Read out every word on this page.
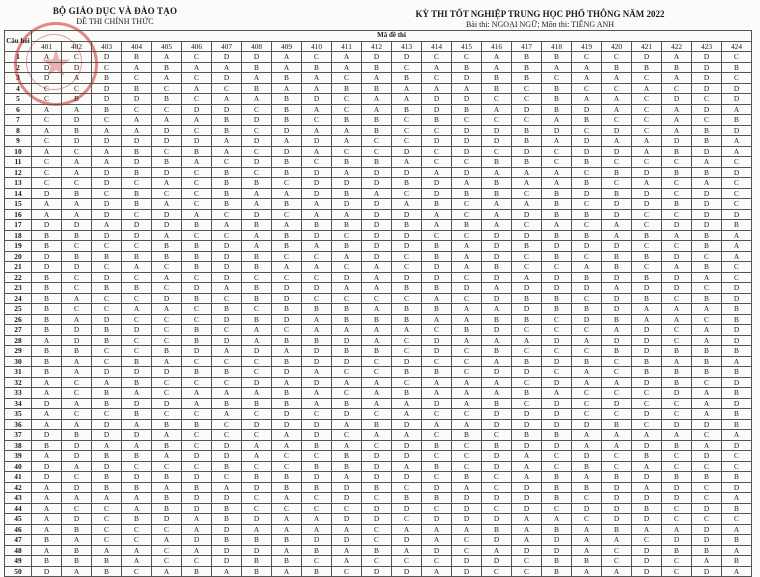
BỘ GIÁO DỤC VÀ ĐÀO TẠO
ĐỀ THI CHÍNH THỨC
KỲ THI TỐT NGHIỆP TRUNG HỌC PHỔ THÔNG NĂM 2022
Bài thi: NGOẠI NGỮ; Môn thi: TIẾNG ANH
Câu hỏi	Mã đề thi																							
	401	402	403	404	405	406	407	408	409	410	411	412	413	414	415	416	417	418	419	420	421	422	423	424
1	A	C	D	B	A	C	D	D	A	C	A	D	D	C	C	A	B	B	C	C	D	A	D	C
2	D	D	C	A	B	A	A	B	A	B	A	B	C	A	B	A	B	A	A	B	B	B	D	B
3	D	A	B	C	A	C	D	A	B	A	C	A	B	C	D	B	B	C	A	A	C	A	D	C
4	C	C	D	B	C	A	C	B	A	A	B	B	A	A	A	B	C	B	C	C	A	C	D	D
5	C	B	D	D	B	C	A	A	B	D	C	A	A	D	D	C	C	B	A	A	C	D	C	D
6	A	A	B	C	C	D	D	C	B	A	C	A	B	D	B	A	D	B	D	A	C	A	D	A
7	C	D	C	A	A	A	B	D	B	C	B	B	C	B	C	C	C	A	B	C	C	A	C	B
8	A	B	A	A	D	C	B	C	D	A	A	B	C	C	D	D	B	D	C	D	C	A	B	D
9	C	D	D	D	D	D	A	D	A	D	A	C	C	D	D	D	B	A	D	A	A	D	B	A
10	A	C	A	B	C	B	A	C	D	A	C	C	D	C	D	C	D	C	D	D	A	B	D	A
11	C	A	A	D	B	A	C	D	B	C	B	B	A	C	C	B	B	C	B	C	C	C	A	C
12	C	A	D	B	D	C	B	C	B	D	A	D	D	A	D	A	A	A	C	B	D	B	B	D
13	C	C	D	C	A	C	B	B	C	D	D	D	B	D	A	B	A	A	B	C	A	C	A	C
14	D	B	C	B	C	C	B	A	A	D	B	A	C	D	B	B	C	B	D	B	D	C	D	C
15	A	A	D	B	A	C	B	A	B	A	D	D	A	B	C	A	A	B	C	D	D	B	D	C
16	A	A	D	C	D	A	C	D	C	A	A	D	D	A	C	A	D	B	B	D	C	C	D	D
17	D	D	A	D	D	B	A	B	A	B	B	D	B	A	B	A	C	A	C	A	C	D	D	B
18	B	B	D	D	A	C	C	A	B	D	C	D	D	C	C	D	D	B	B	A	B	A	B	A
19	B	C	C	C	B	B	D	A	B	A	B	D	D	B	A	D	B	D	D	D	C	C	B	A
20	D	B	B	B	B	B	D	B	C	C	A	D	C	B	A	D	C	B	C	B	B	D	C	A
21	D	D	C	A	C	B	D	B	A	A	C	A	C	D	A	B	C	C	A	B	C	A	B	C
22	B	C	D	C	A	C	D	C	C	C	D	A	D	D	C	D	A	D	B	D	B	D	A	C
23	B	C	B	B	C	D	A	B	D	D	A	A	B	B	D	A	D	D	D	A	D	D	C	D
24	B	A	C	C	D	B	C	B	D	C	C	C	C	A	C	D	B	B	C	D	B	C	B	D
25	B	C	C	A	A	C	B	C	B	B	B	A	B	B	A	A	D	B	B	D	A	A	A	B
26	B	A	D	C	C	C	D	B	D	A	B	B	B	A	A	B	B	C	D	B	A	A	C	B
27	B	D	B	D	C	B	C	A	C	A	A	A	A	C	B	D	C	C	C	A	D	C	A	D
28	A	D	B	C	C	B	D	A	B	B	D	A	C	D	A	A	A	D	A	D	D	C	A	D
29	B	B	C	C	B	D	A	D	A	D	B	B	C	D	C	B	C	C	C	B	D	B	B	B
30	B	A	C	B	A	C	C	C	B	D	D	C	D	C	C	A	B	D	B	C	B	A	B	A
31	B	A	D	D	D	B	B	C	D	A	C	C	B	B	C	D	D	C	A	C	B	B	B	B
32	A	C	A	B	C	C	C	D	A	D	A	A	C	A	A	A	C	D	A	A	D	B	C	D
33	A	C	B	A	C	A	A	A	B	A	C	A	B	A	A	A	B	A	C	C	C	D	A	B
34	D	A	B	D	D	A	B	B	B	A	B	A	A	D	A	B	C	D	C	D	C	C	A	D
35	A	C	C	B	C	C	A	C	D	C	D	C	A	C	C	D	D	D	C	C	D	C	A	B
36	A	A	D	A	B	B	C	D	D	D	A	B	D	A	A	D	D	D	D	B	C	D	D	B
37	D	B	D	D	A	C	C	C	A	D	C	A	A	C	B	C	B	B	A	A	A	A	C	A
38	B	D	A	A	B	C	D	A	A	B	A	C	D	B	C	B	D	D	A	A	D	B	A	D
39	A	D	B	B	A	D	D	A	C	C	B	D	D	C	C	D	A	C	D	C	B	C	D	C
40	D	A	D	C	C	C	B	C	C	B	B	D	A	B	C	D	A	C	B	C	A	C	C	C
41	D	C	B	D	B	D	C	B	B	D	A	D	D	C	B	C	A	B	A	B	D	B	B	B
42	A	D	B	B	A	B	A	D	B	B	D	B	C	D	A	C	D	B	B	D	A	D	C	D
43	A	A	A	A	B	D	D	C	A	C	D	C	B	B	D	D	D	B	C	D	D	D	C	A
44	A	C	C	A	B	D	B	C	C	C	C	D	D	C	D	C	D	C	D	D	B	C	D	B
45	A	D	C	B	D	A	B	D	A	A	D	D	C	D	D	D	A	A	C	D	D	C	C	C
46	A	B	C	C	C	A	D	A	A	A	A	C	A	A	A	B	A	B	A	B	A	A	D	A
47	B	A	C	C	A	D	B	B	B	D	D	C	D	A	C	D	A	D	A	A	C	D	D	B
48	A	B	A	A	C	A	D	D	A	B	A	B	A	D	C	A	D	D	A	C	D	B	B	A
49	B	B	B	A	C	C	D	B	B	C	A	C	C	C	D	D	C	B	B	C	D	C	A	B
50	D	A	B	C	A	B	A	B	A	B	C	D	D	A	D	C	C	B	A	A	D	C	D	A
